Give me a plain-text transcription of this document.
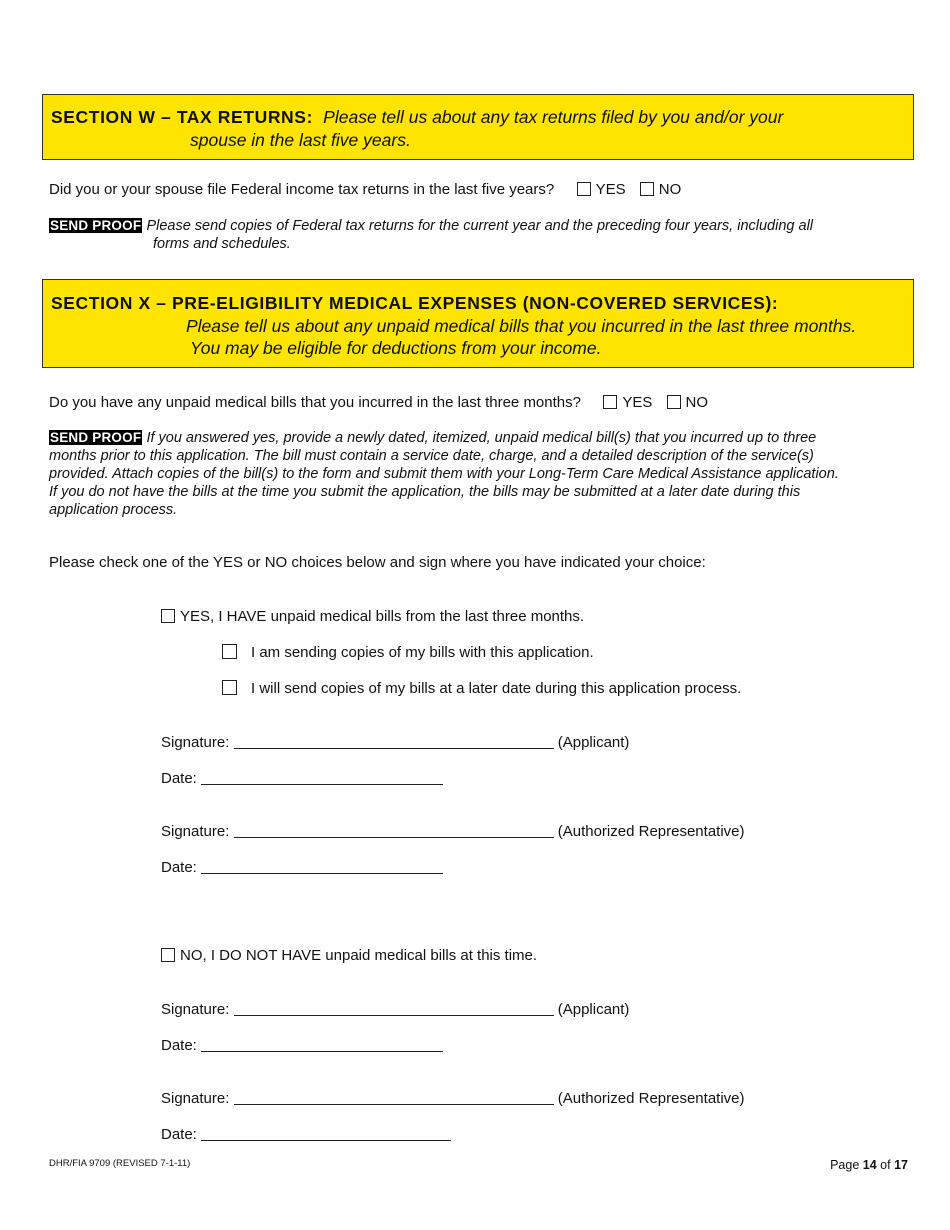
SECTION W – TAX RETURNS: Please tell us about any tax returns filed by you and/or your
spouse in the last five years.
Did you or your spouse file Federal income tax returns in the last five years?	YES NO
SEND PROOF Please send copies of Federal tax returns for the current year and the preceding four years, including all
forms and schedules.
SECTION X – PRE-ELIGIBILITY MEDICAL EXPENSES (NON-COVERED SERVICES):
Please tell us about any unpaid medical bills that you incurred in the last three months.
You may be eligible for deductions from your income.
Do you have any unpaid medical bills that you incurred in the last three months?	YES NO
SEND PROOF If you answered yes, provide a newly dated, itemized, unpaid medical bill(s) that you incurred up to three
months prior to this application. The bill must contain a service date, charge, and a detailed description of the service(s)
provided. Attach copies of the bill(s) to the form and submit them with your Long-Term Care Medical Assistance application.
If you do not have the bills at the time you submit the application, the bills may be submitted at a later date during this
application process.
Please check one of the YES or NO choices below and sign where you have indicated your choice:
YES, I HAVE unpaid medical bills from the last three months.
I am sending copies of my bills with this application.
I will send copies of my bills at a later date during this application process.
Signature:	(Applicant)
Date:
Signature:	(Authorized Representative)
Date:
NO, I DO NOT HAVE unpaid medical bills at this time.
Signature:	(Applicant)
Date:
Signature:	(Authorized Representative)
Date:
DHR/FIA 9709 (REVISED 7-1-11)	Page 14 of 17
